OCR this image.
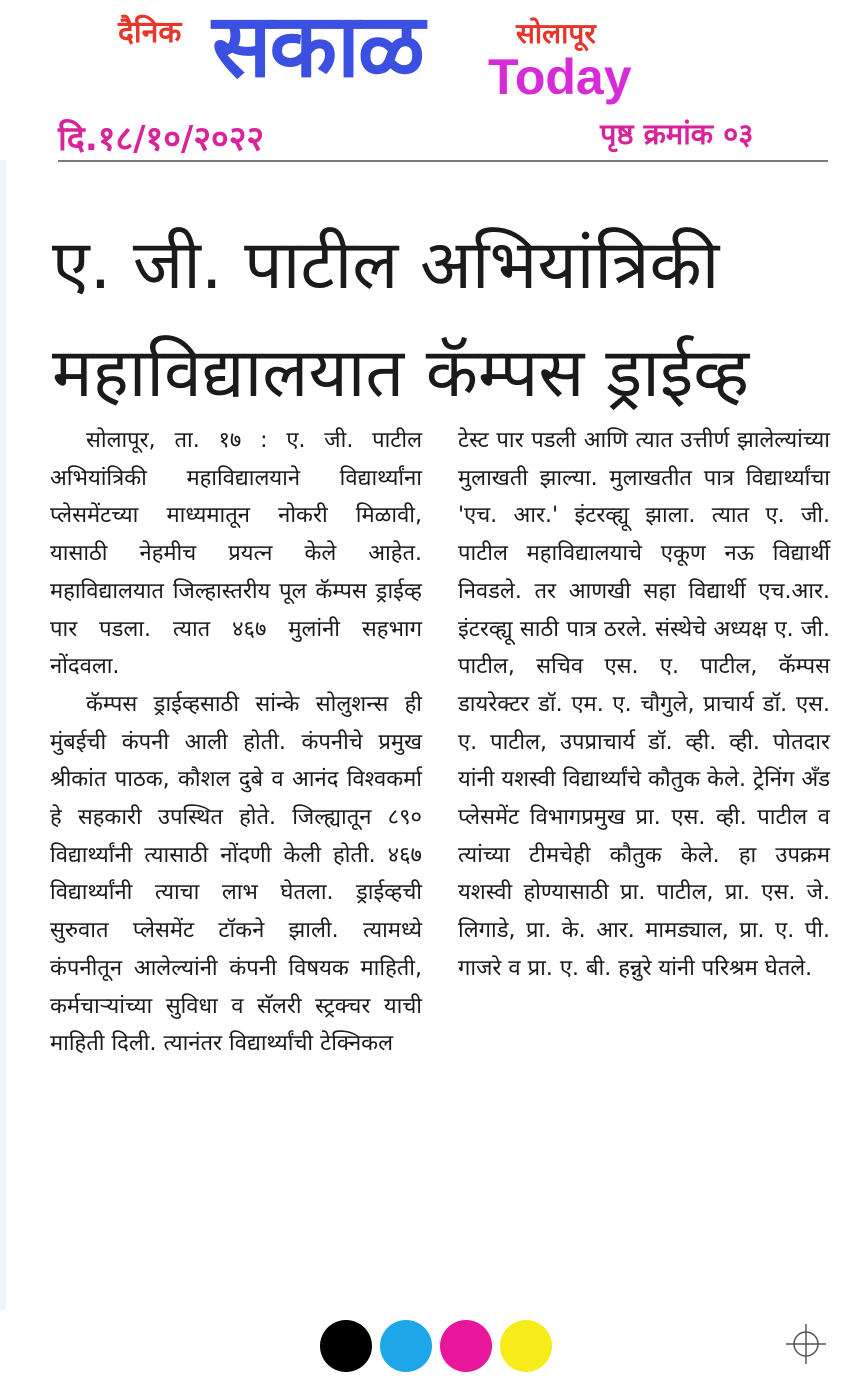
दैनिक सकाळ	सोलापूर
Today
दि.१८/१०/२०२२	पृष्ठ क्रमांक ०३
ए. जी. पाटील अभियांत्रिकी
महाविद्यालयात कॅम्पस ड्राईव्ह

सोलापूर, ता. १७ : ए. जी. पाटील अभियांत्रिकी महाविद्यालयाने विद्यार्थ्यांना प्लेसमेंटच्या माध्यमातून नोकरी मिळावी, यासाठी नेहमीच प्रयत्न केले आहेत. महाविद्यालयात जिल्हास्तरीय पूल कॅम्पस ड्राईव्ह पार पडला. त्यात ४६७ मुलांनी सहभाग नोंदवला.

कॅम्पस ड्राईव्हसाठी सांन्के सोलुशन्स ही मुंबईची कंपनी आली होती. कंपनीचे प्रमुख श्रीकांत पाठक, कौशल दुबे व आनंद विश्‍वकर्मा हे सहकारी उपस्थित होते. जिल्ह्यातून ८९० विद्यार्थ्यांनी त्यासाठी नोंदणी केली होती. ४६७ विद्यार्थ्यांनी त्याचा लाभ घेतला. ड्राईव्हची सुरुवात प्लेसमेंट टॉकने झाली. त्यामध्ये कंपनीतून आलेल्यांनी कंपनी विषयक माहिती, कर्मचाऱ्यांच्या सुविधा व सॅलरी स्ट्रक्चर याची माहिती दिली. त्यानंतर विद्यार्थ्यांची टेक्निकल

टेस्ट पार पडली आणि त्यात उत्तीर्ण झालेल्यांच्या मुलाखती झाल्या. मुलाखतीत पात्र विद्यार्थ्यांचा 'एच. आर.' इंटरव्ह्यू झाला. त्यात ए. जी. पाटील महाविद्यालयाचे एकूण नऊ विद्यार्थी निवडले. तर आणखी सहा विद्यार्थी एच.आर. इंटरव्ह्यू साठी पात्र ठरले. संस्थेचे अध्यक्ष ए. जी. पाटील, सचिव एस. ए. पाटील, कॅम्पस डायरेक्टर डॉ. एम. ए. चौगुले, प्राचार्य डॉ. एस. ए. पाटील, उपप्राचार्य डॉ. व्ही. व्ही. पोतदार यांनी यशस्वी विद्यार्थ्यांचे कौतुक केले. ट्रेनिंग अँड प्लेसमेंट विभागप्रमुख प्रा. एस. व्ही. पाटील व त्यांच्या टीमचेही कौतुक केले. हा उपक्रम यशस्वी होण्यासाठी प्रा. पाटील, प्रा. एस. जे. लिगाडे, प्रा. के. आर. मामड्याल, प्रा. ए. पी. गाजरे व प्रा. ए. बी. हन्नुरे यांनी परिश्रम घेतले.
